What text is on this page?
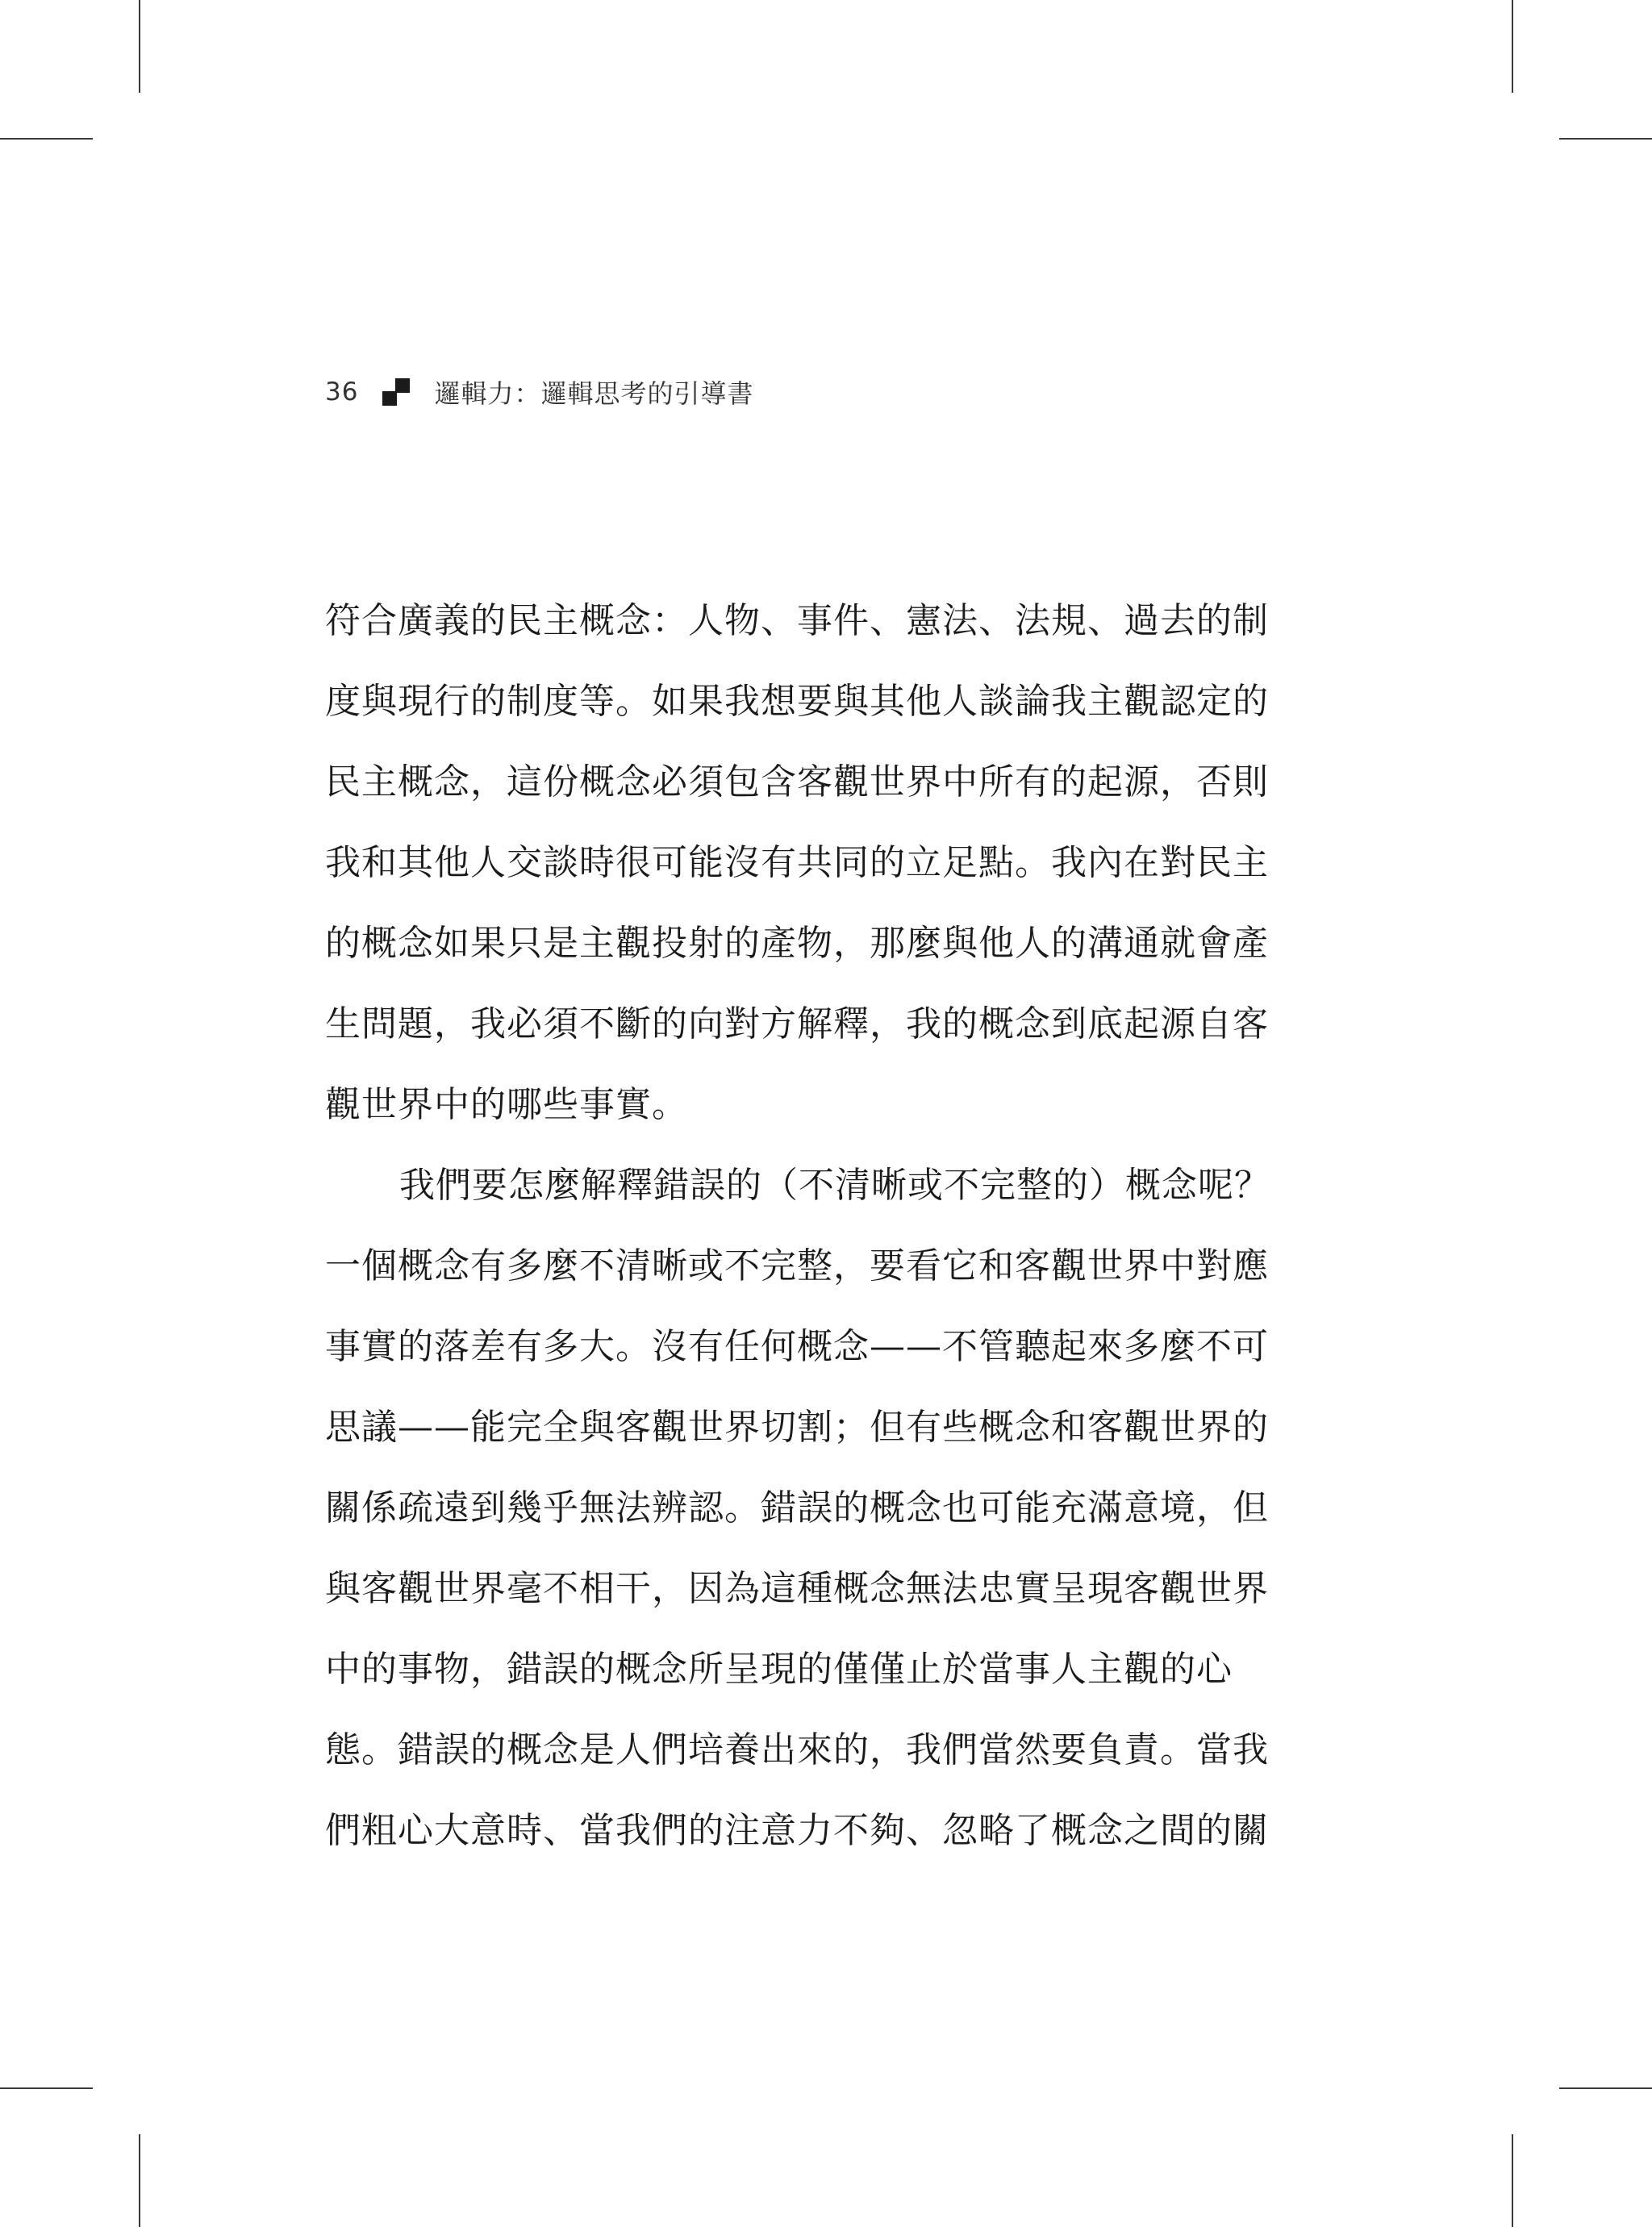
36	邏輯力：邏輯思考的引導書
符合廣義的民主概念：人物、事件、憲法、法規、過去的制
度與現行的制度等。如果我想要與其他人談論我主觀認定的
民主概念，這份概念必須包含客觀世界中所有的起源，否則
我和其他人交談時很可能沒有共同的立足點。我內在對民主
的概念如果只是主觀投射的產物，那麼與他人的溝通就會產
生問題，我必須不斷的向對方解釋，我的概念到底起源自客
觀世界中的哪些事實。
我們要怎麼解釋錯誤的（不清晰或不完整的）概念呢？
一個概念有多麼不清晰或不完整，要看它和客觀世界中對應
事實的落差有多大。沒有任何概念——不管聽起來多麼不可
思議——能完全與客觀世界切割；但有些概念和客觀世界的
關係疏遠到幾乎無法辨認。錯誤的概念也可能充滿意境，但
與客觀世界毫不相干，因為這種概念無法忠實呈現客觀世界
中的事物，錯誤的概念所呈現的僅僅止於當事人主觀的心
態。錯誤的概念是人們培養出來的，我們當然要負責。當我
們粗心大意時、當我們的注意力不夠、忽略了概念之間的關
